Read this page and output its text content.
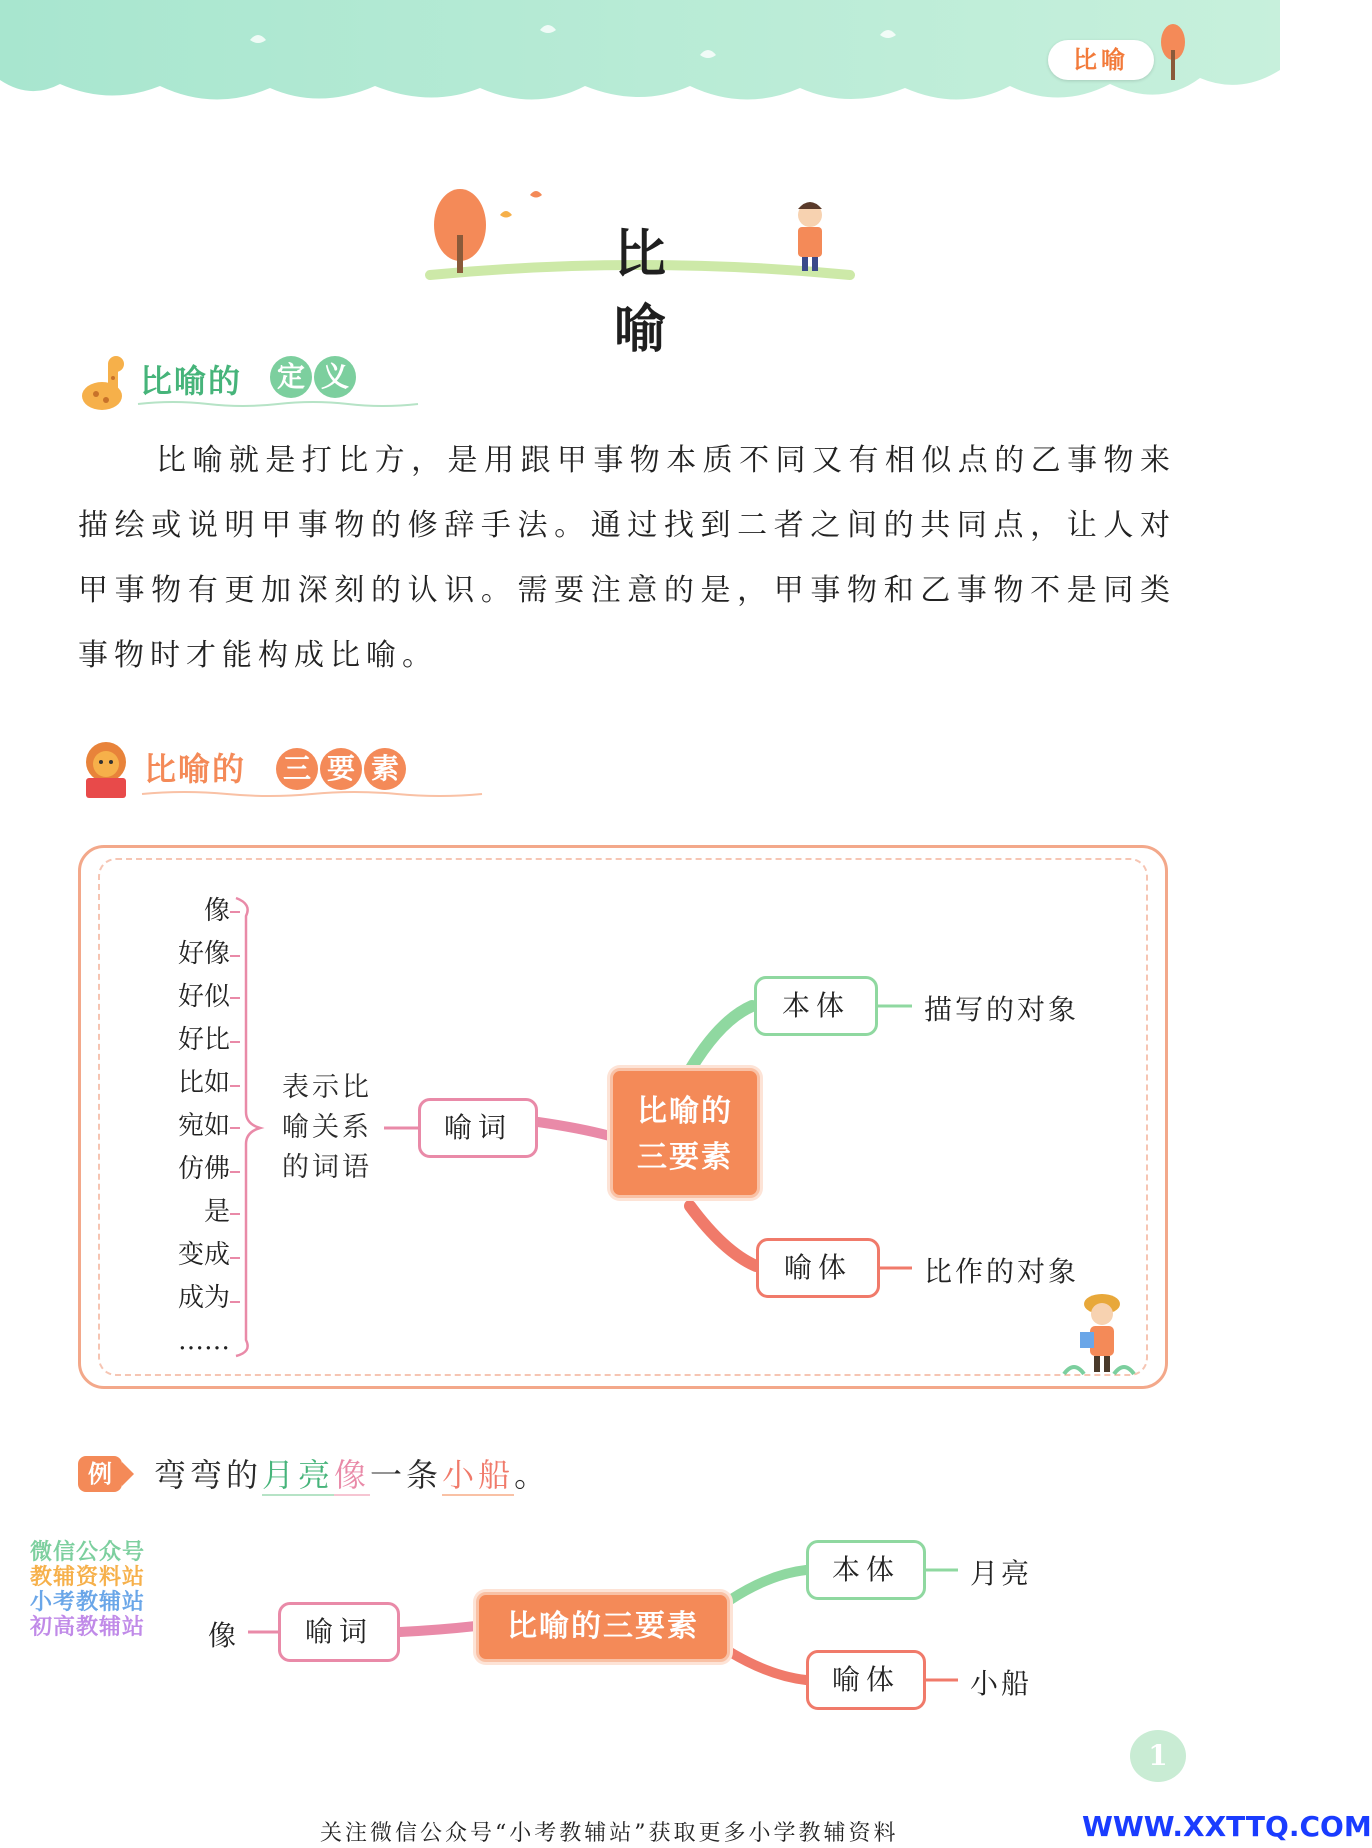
比喻
比喻
比喻的	定 义

比喻就是打比方，是用跟甲事物本质不同又有相似点的乙事物来描绘或说明甲事物的修辞手法。通过找到二者之间的共同点，让人对甲事物有更加深刻的认识。需要注意的是，甲事物和乙事物不是同类事物时才能构成比喻。

比喻的	三 要 素
像
好像
好似
好比
比如
宛如
仿佛
是
变成
成为
……
表示比
喻关系
的词语
喻词	比喻的
三要素
本体
喻体
描写的对象
比作的对象
例	弯弯的月亮像一条小船。
像	喻词	比喻的三要素
本体
喻体
月亮
小船
微信公众号
教辅资料站
小考教辅站
初高教辅站
1
关注微信公众号“小考教辅站”获取更多小学教辅资料	WWW.XXTTQ.COM
